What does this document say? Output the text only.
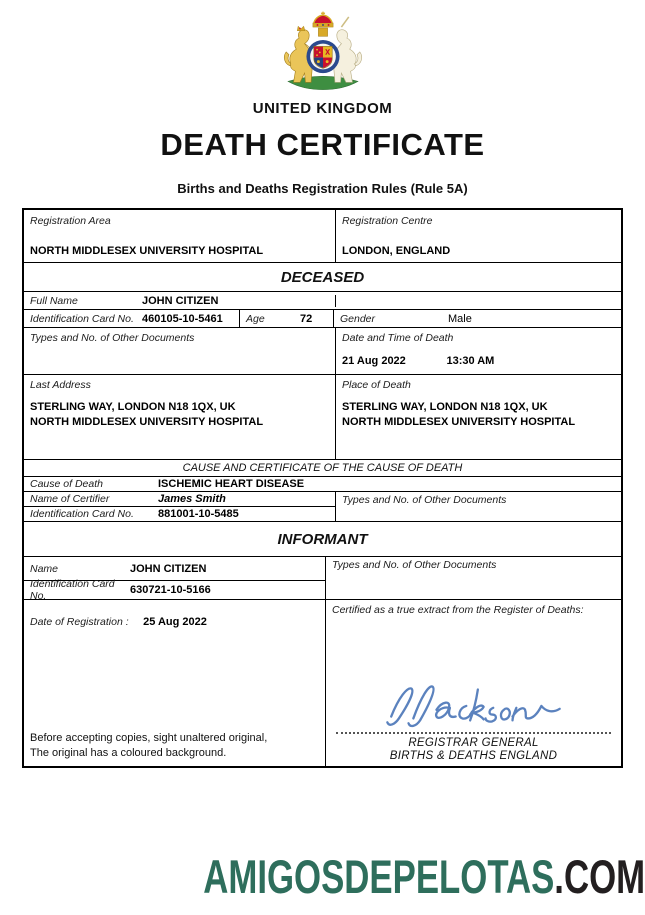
UNITED KINGDOM
DEATH CERTIFICATE
Births and Deaths Registration Rules (Rule 5A)
Registration Area
NORTH MIDDLESEX UNIVERSITY HOSPITAL
Registration Centre
LONDON, ENGLAND
DECEASED
Full Name	JOHN CITIZEN
Identification Card No. 460105-10-5461 Age	72	Gender	Male
Types and No. of Other Documents	Date and Time of Death
21 Aug 2022	13:30 AM
Last Address
STERLING WAY, LONDON N18 1QX, UK
NORTH MIDDLESEX UNIVERSITY HOSPITAL
Place of Death
STERLING WAY, LONDON N18 1QX, UK
NORTH MIDDLESEX UNIVERSITY HOSPITAL
CAUSE AND CERTIFICATE OF THE CAUSE OF DEATH
Cause of Death	ISCHEMIC HEART DISEASE
Name of Certifier	James Smith
Identification Card No.	881001-10-5485
Types and No. of Other Documents
INFORMANT
Name	JOHN CITIZEN
Identification Card No.	630721-10-5166
Types and No. of Other Documents
Date of Registration : 25 Aug 2022
Before accepting copies, sight unaltered original,
The original has a coloured background.
Certified as a true extract from the Register of Deaths:
REGISTRAR GENERAL
BIRTHS & DEATHS ENGLAND
AMIGOSDEPELOTAS.COM
